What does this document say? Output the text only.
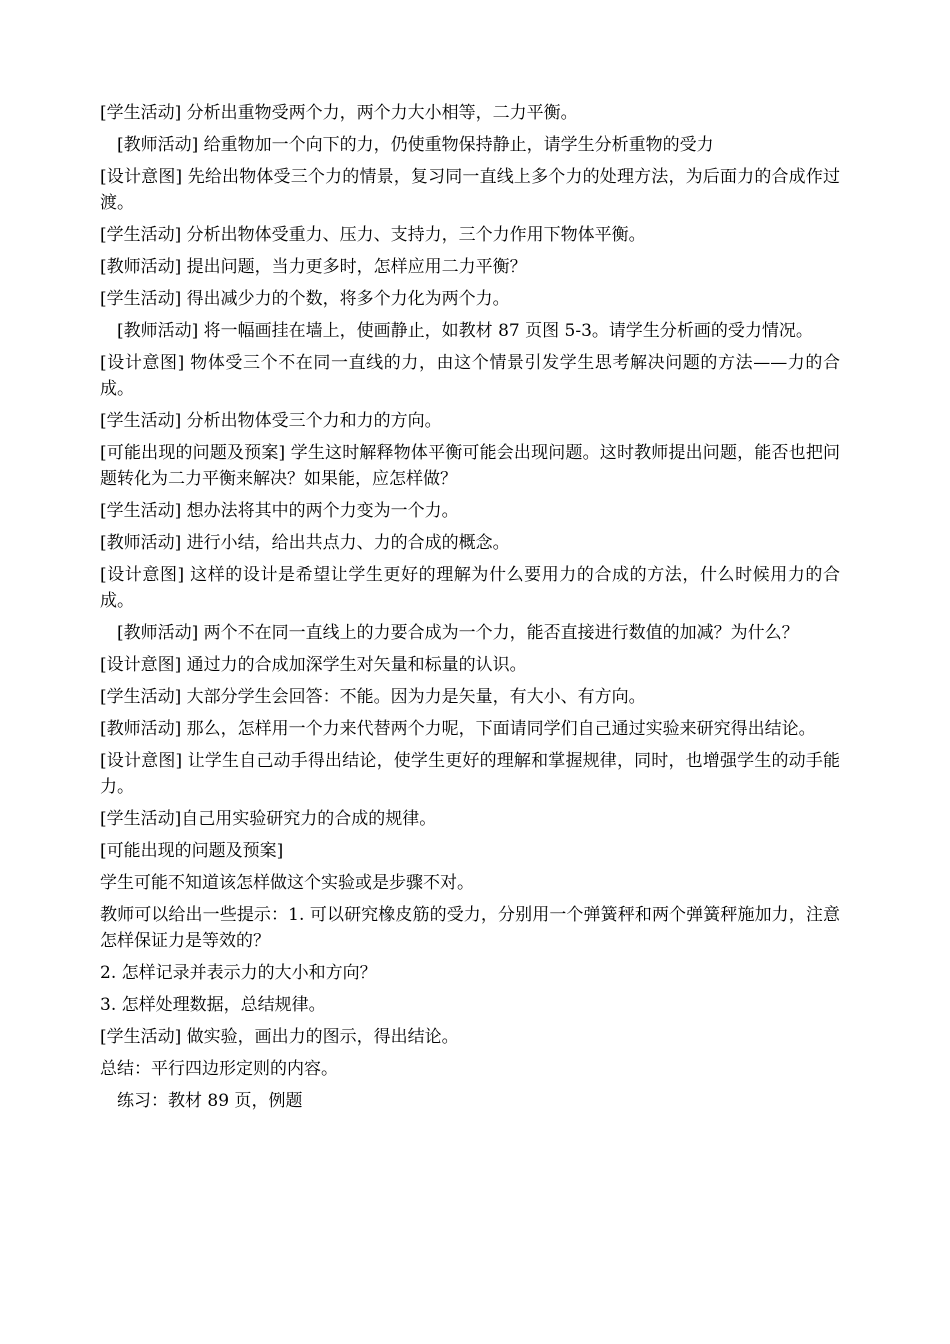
[学生活动] 分析出重物受两个力，两个力大小相等，二力平衡。

[教师活动] 给重物加一个向下的力，仍使重物保持静止，请学生分析重物的受力

[设计意图] 先给出物体受三个力的情景，复习同一直线上多个力的处理方法，为后面力的合成作过渡。

[学生活动] 分析出物体受重力、压力、支持力，三个力作用下物体平衡。

[教师活动] 提出问题，当力更多时，怎样应用二力平衡？

[学生活动] 得出减少力的个数，将多个力化为两个力。

[教师活动] 将一幅画挂在墙上，使画静止，如教材 87 页图 5-3。请学生分析画的受力情况。

[设计意图] 物体受三个不在同一直线的力，由这个情景引发学生思考解决问题的方法——力的合成。

[学生活动] 分析出物体受三个力和力的方向。

[可能出现的问题及预案] 学生这时解释物体平衡可能会出现问题。这时教师提出问题，能否也把问题转化为二力平衡来解决？如果能，应怎样做？

[学生活动] 想办法将其中的两个力变为一个力。

[教师活动] 进行小结，给出共点力、力的合成的概念。

[设计意图] 这样的设计是希望让学生更好的理解为什么要用力的合成的方法，什么时候用力的合成。

[教师活动] 两个不在同一直线上的力要合成为一个力，能否直接进行数值的加减？为什么？

[设计意图] 通过力的合成加深学生对矢量和标量的认识。

[学生活动] 大部分学生会回答：不能。因为力是矢量，有大小、有方向。

[教师活动] 那么，怎样用一个力来代替两个力呢，下面请同学们自己通过实验来研究得出结论。

[设计意图] 让学生自己动手得出结论，使学生更好的理解和掌握规律，同时，也增强学生的动手能力。

[学生活动]自己用实验研究力的合成的规律。

[可能出现的问题及预案]

学生可能不知道该怎样做这个实验或是步骤不对。

教师可以给出一些提示：1. 可以研究橡皮筋的受力，分别用一个弹簧秤和两个弹簧秤施加力，注意怎样保证力是等效的？

2. 怎样记录并表示力的大小和方向？

3. 怎样处理数据，总结规律。

[学生活动] 做实验，画出力的图示，得出结论。

总结：平行四边形定则的内容。

练习：教材 89 页，例题
